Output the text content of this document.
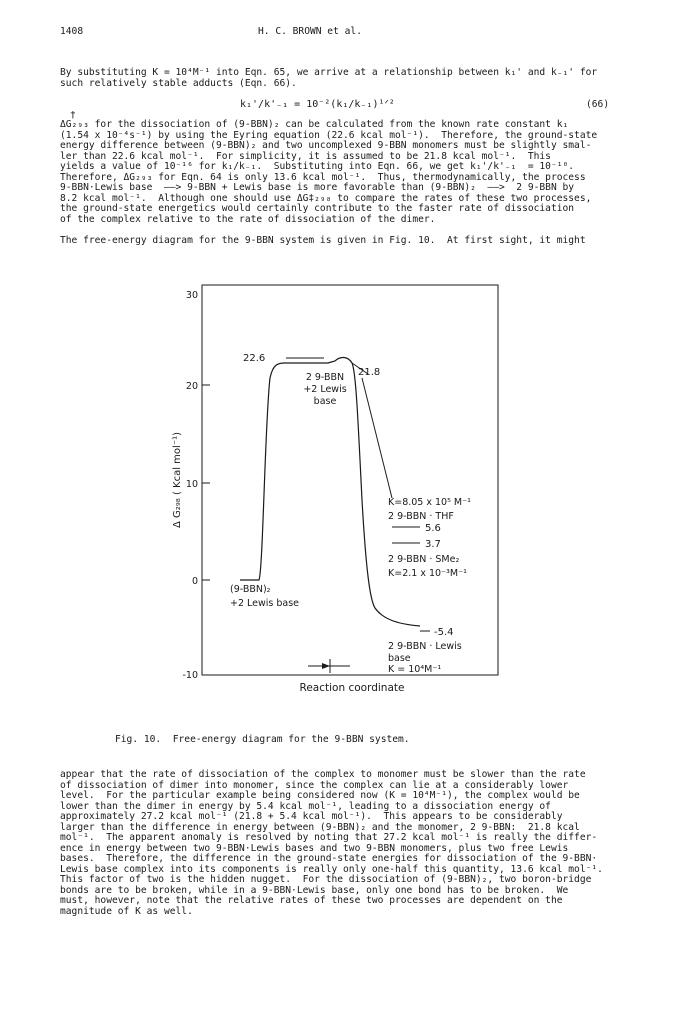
1408	H. C. BROWN et al.
By substituting K = 10⁴M⁻¹ into Eqn. 65, we arrive at a relationship between k₁' and k₋₁' for
such relatively stable adducts (Eqn. 66).
†
k₁'/k'₋₁ = 10⁻²(k₁/k₋₁)¹ᐟ²	(66)
ΔG₂₉₃ for the dissociation of (9-BBN)₂ can be calculated from the known rate constant k₁
(1.54 x 10⁻⁴s⁻¹) by using the Eyring equation (22.6 kcal mol⁻¹).  Therefore, the ground-state
energy difference between (9-BBN)₂ and two uncomplexed 9-BBN monomers must be slightly smal-
ler than 22.6 kcal mol⁻¹.  For simplicity, it is assumed to be 21.8 kcal mol⁻¹.  This
yields a value of 10⁻¹⁶ for k₁/k₋₁.  Substituting into Eqn. 66, we get k₁'/k'₋₁  = 10⁻¹⁰.
Therefore, ΔG₂₉₃ for Eqn. 64 is only 13.6 kcal mol⁻¹.  Thus, thermodynamically, the process
9-BBN·Lewis base  ——> 9-BBN + Lewis base is more favorable than (9-BBN)₂  ——>  2 9-BBN by
8.2 kcal mol⁻¹.  Although one should use ΔG‡₂₉₈ to compare the rates of these two processes,
the ground-state energetics would certainly contribute to the faster rate of dissociation
of the complex relative to the rate of dissociation of the dimer.
The free-energy diagram for the 9-BBN system is given in Fig. 10.  At first sight, it might
30
20
10
0
-10
Δ G₂₉₈ ( Kcal mol⁻¹)
Reaction coordinate
22.6
21.8
2 9-BBN
+2 Lewis
base
K=8.05 x 10⁵ M⁻¹
2 9-BBN · THF
5.6
3.7
2 9-BBN · SMe₂
K=2.1 x 10⁻³M⁻¹
(9-BBN)₂
+2 Lewis base
-5.4
2 9-BBN · Lewis
base
K = 10⁴M⁻¹
Fig. 10.  Free-energy diagram for the 9-BBN system.
appear that the rate of dissociation of the complex to monomer must be slower than the rate
of dissociation of dimer into monomer, since the complex can lie at a considerably lower
level.  For the particular example being considered now (K = 10⁴M⁻¹), the complex would be
lower than the dimer in energy by 5.4 kcal mol⁻¹, leading to a dissociation energy of
approximately 27.2 kcal mol⁻¹ (21.8 + 5.4 kcal mol⁻¹).  This appears to be considerably
larger than the difference in energy between (9-BBN)₂ and the monomer, 2 9-BBN:  21.8 kcal
mol⁻¹.  The apparent anomaly is resolved by noting that 27.2 kcal mol⁻¹ is really the differ-
ence in energy between two 9-BBN·Lewis bases and two 9-BBN monomers, plus two free Lewis
bases.  Therefore, the difference in the ground-state energies for dissociation of the 9-BBN·
Lewis base complex into its components is really only one-half this quantity, 13.6 kcal mol⁻¹.
This factor of two is the hidden nugget.  For the dissociation of (9-BBN)₂, two boron-bridge
bonds are to be broken, while in a 9-BBN·Lewis base, only one bond has to be broken.  We
must, however, note that the relative rates of these two processes are dependent on the
magnitude of K as well.
